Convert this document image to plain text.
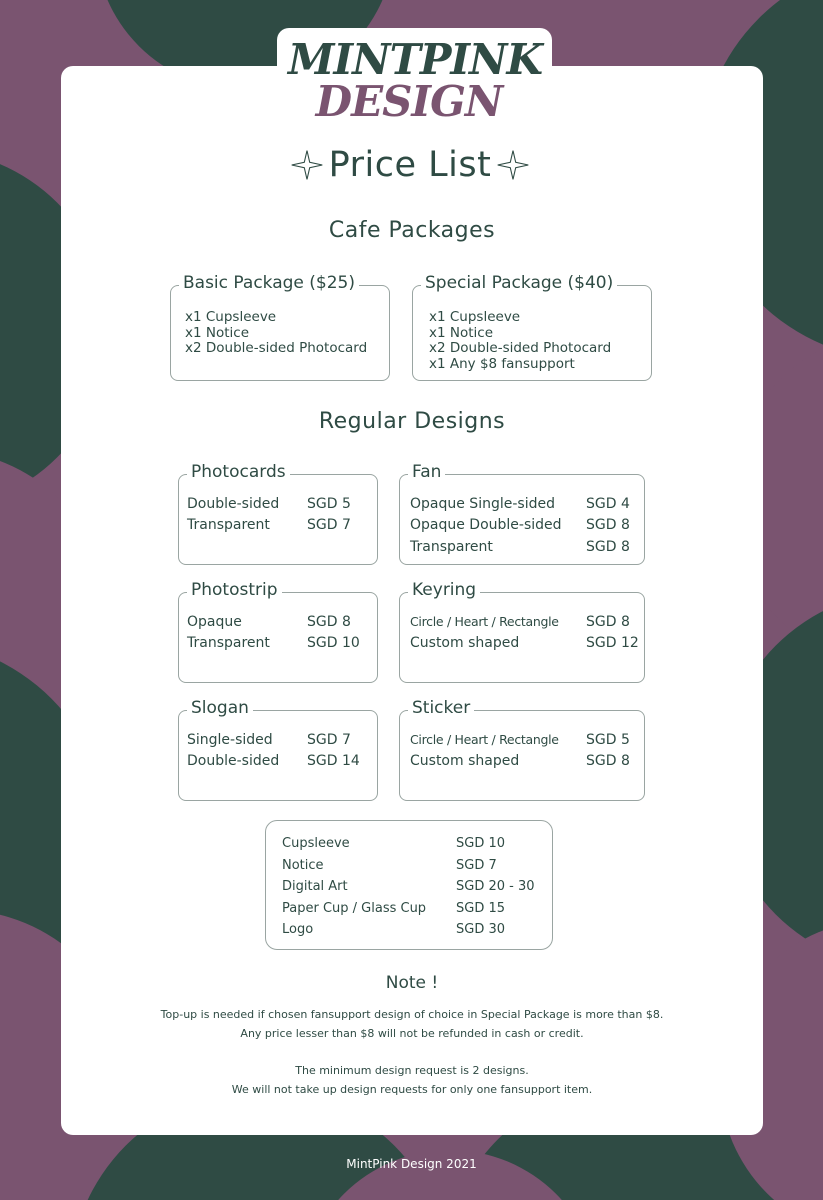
MINTPINK
DESIGN
Price List
Cafe Packages
Basic Package ($25)
x1 Cupsleeve
x1 Notice
x2 Double-sided Photocard
Special Package ($40)
x1 Cupsleeve
x1 Notice
x2 Double-sided Photocard
x1 Any $8 fansupport
Regular Designs
Photocards
Double-sided	SGD 5
Transparent	SGD 7
Fan
Opaque Single-sided	SGD 4
Opaque Double-sided	SGD 8
Transparent	SGD 8
Photostrip
Opaque	SGD 8
Transparent	SGD 10
Keyring
Circle / Heart / Rectangle	SGD 8
Custom shaped	SGD 12
Slogan
Single-sided	SGD 7
Double-sided	SGD 14
Sticker
Circle / Heart / Rectangle	SGD 5
Custom shaped	SGD 8
Cupsleeve	SGD 10
Notice	SGD 7
Digital Art	SGD 20 - 30
Paper Cup / Glass Cup	SGD 15
Logo	SGD 30
Note !
Top-up is needed if chosen fansupport design of choice in Special Package is more than $8.
Any price lesser than $8 will not be refunded in cash or credit.
The minimum design request is 2 designs.
We will not take up design requests for only one fansupport item.
MintPink Design 2021
